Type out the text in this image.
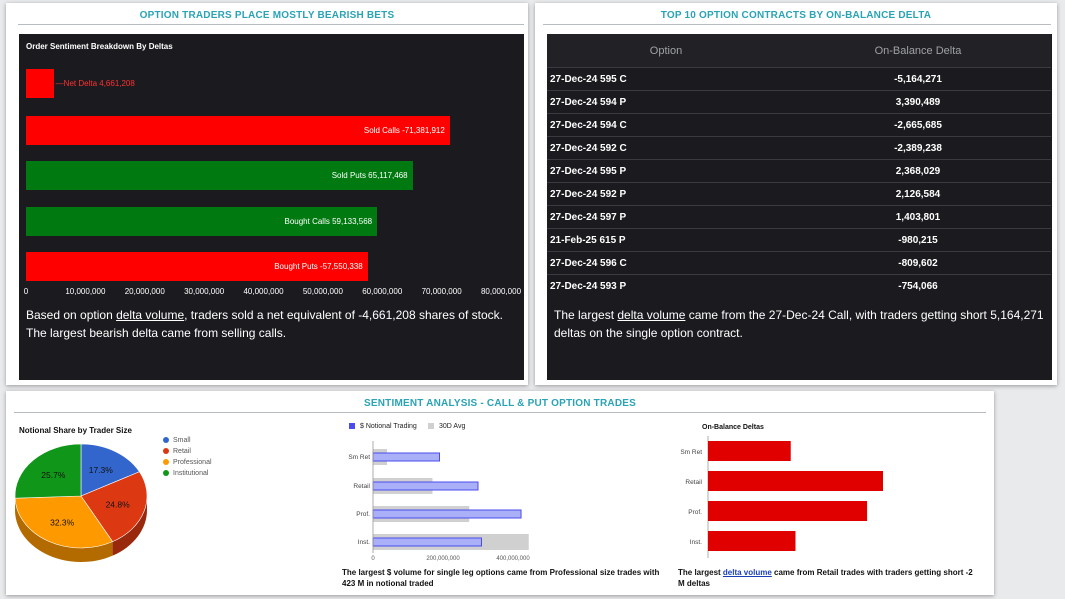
OPTION TRADERS PLACE MOSTLY BEARISH BETS
Order Sentiment Breakdown By Deltas
—Net Delta 4,661,208
Sold Calls -71,381,912
Sold Puts 65,117,468
Bought Calls 59,133,568
Bought Puts -57,550,338
0	10,000,000 20,000,000 30,000,000 40,000,000 50,000,000 60,000,000 70,000,000 80,000,000
Based on option delta volume, traders sold a net equivalent of -4,661,208 shares of stock. The largest bearish delta came from selling calls.
TOP 10 OPTION CONTRACTS BY ON-BALANCE DELTA
Option	On-Balance Delta
27-Dec-24 595 C	-5,164,271
27-Dec-24 594 P	3,390,489
27-Dec-24 594 C	-2,665,685
27-Dec-24 592 C	-2,389,238
27-Dec-24 595 P	2,368,029
27-Dec-24 592 P	2,126,584
27-Dec-24 597 P	1,403,801
21-Feb-25 615 P	-980,215
27-Dec-24 596 C	-809,602
27-Dec-24 593 P	-754,066
The largest delta volume came from the 27-Dec-24 Call, with traders getting short 5,164,271 deltas on the single option contract.
SENTIMENT ANALYSIS - CALL & PUT OPTION TRADES
Notional Share by Trader Size
17.3%
24.8%
32.3%
25.7%
Small
Retail
Professional
Institutional
$ Notional Trading	30D Avg
Sm Ret
Retail
Prof.
Inst.
0	200,000,000	400,000,000
The largest $ volume for single leg options came from Professional size trades with 423 M in notional traded
On-Balance Deltas
Sm Ret
Retail
Prof.
Inst.
The largest delta volume came from Retail trades with traders getting short -2 M deltas
